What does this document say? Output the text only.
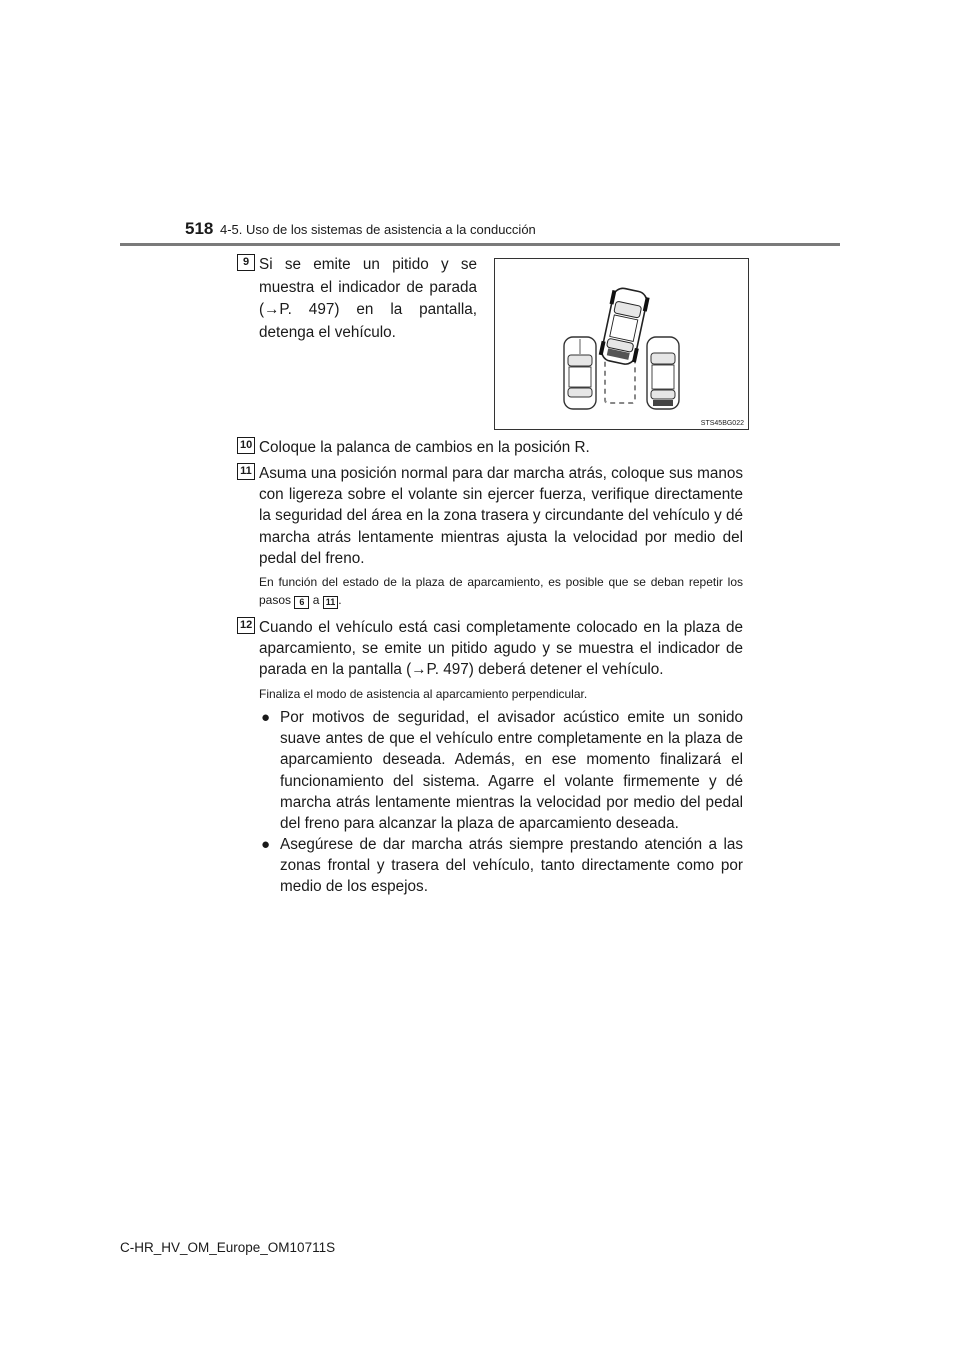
518 4-5. Uso de los sistemas de asistencia a la conducción
9 Si se emite un pitido y se muestra el indicador de parada (→P. 497) en la pantalla, detenga el vehículo.

STS45BG022
10 Coloque la palanca de cambios en la posición R.

11 Asuma una posición normal para dar marcha atrás, coloque sus manos con ligereza sobre el volante sin ejercer fuerza, verifique directamente la seguridad del área en la zona trasera y circundante del vehículo y dé marcha atrás lentamente mientras ajusta la velocidad por medio del pedal del freno.

En función del estado de la plaza de aparcamiento, es posible que se deban repetir los pasos 6 a 11 .

12 Cuando el vehículo está casi completamente colocado en la plaza de aparcamiento, se emite un pitido agudo y se muestra el indicador de parada en la pantalla (→P. 497) deberá detener el vehículo.

Finaliza el modo de asistencia al aparcamiento perpendicular.

● Por motivos de seguridad, el avisador acústico emite un sonido suave antes de que el vehículo entre completamente en la plaza de aparcamiento deseada. Además, en ese momento finalizará el funcionamiento del sistema. Agarre el volante firmemente y dé marcha atrás lentamente mientras la velocidad por medio del pedal del freno para alcanzar la plaza de aparcamiento deseada.

● Asegúrese de dar marcha atrás siempre prestando atención a las zonas frontal y trasera del vehículo, tanto directamente como por medio de los espejos.

C-HR_HV_OM_Europe_OM10711S
